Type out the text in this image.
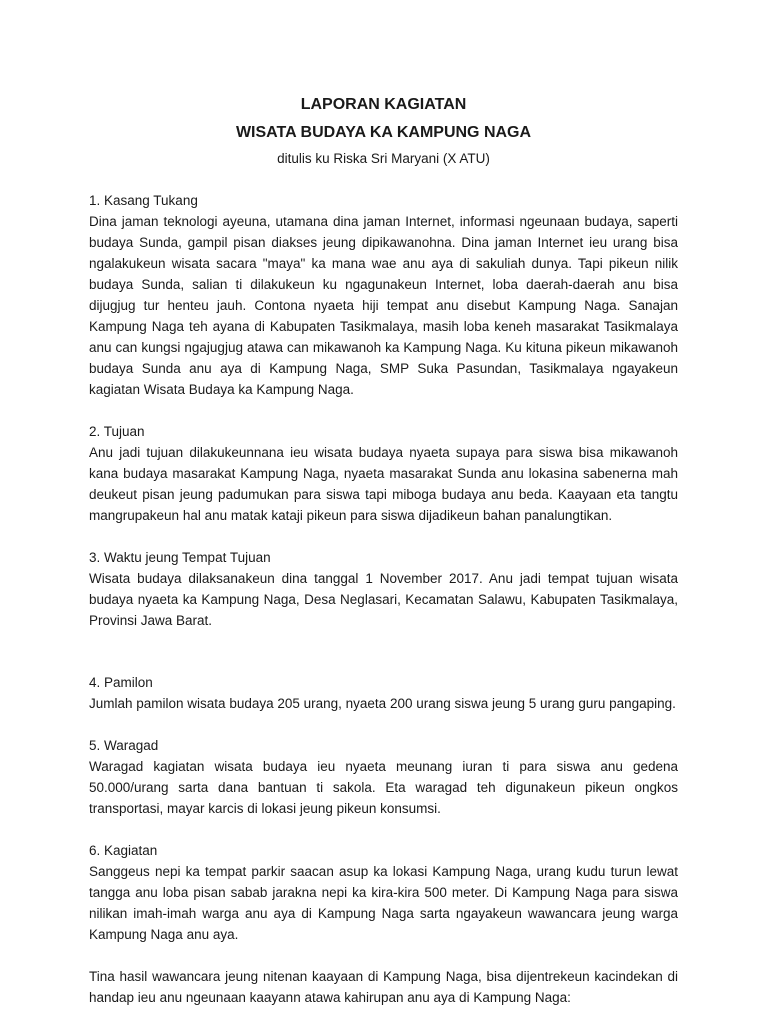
LAPORAN KAGIATAN
WISATA BUDAYA KA KAMPUNG NAGA
ditulis ku Riska Sri Maryani (X ATU)

1. Kasang Tukang

Dina jaman teknologi ayeuna, utamana dina jaman Internet, informasi ngeunaan budaya, saperti budaya Sunda, gampil pisan diakses jeung dipikawanohna. Dina jaman Internet ieu urang bisa ngalakukeun wisata sacara "maya" ka mana wae anu aya di sakuliah dunya. Tapi pikeun nilik budaya Sunda, salian ti dilakukeun ku ngagunakeun Internet, loba daerah-daerah anu bisa dijugjug tur henteu jauh. Contona nyaeta hiji tempat anu disebut Kampung Naga. Sanajan Kampung Naga teh ayana di Kabupaten Tasikmalaya, masih loba keneh masarakat Tasikmalaya anu can kungsi ngajugjug atawa can mikawanoh ka Kampung Naga. Ku kituna pikeun mikawanoh budaya Sunda anu aya di Kampung Naga, SMP Suka Pasundan, Tasikmalaya ngayakeun kagiatan Wisata Budaya ka Kampung Naga.

2. Tujuan

Anu jadi tujuan dilakukeunnana ieu wisata budaya nyaeta supaya para siswa bisa mikawanoh kana budaya masarakat Kampung Naga, nyaeta masarakat Sunda anu lokasina sabenerna mah deukeut pisan jeung padumukan para siswa tapi miboga budaya anu beda. Kaayaan eta tangtu mangrupakeun hal anu matak kataji pikeun para siswa dijadikeun bahan panalungtikan.

3. Waktu jeung Tempat Tujuan

Wisata budaya dilaksanakeun dina tanggal 1 November 2017. Anu jadi tempat tujuan wisata budaya nyaeta ka Kampung Naga, Desa Neglasari, Kecamatan Salawu, Kabupaten Tasikmalaya, Provinsi Jawa Barat.

4. Pamilon

Jumlah pamilon wisata budaya 205 urang, nyaeta 200 urang siswa jeung 5 urang guru pangaping.

5. Waragad

Waragad kagiatan wisata budaya ieu nyaeta meunang iuran ti para siswa anu gedena 50.000/urang sarta dana bantuan ti sakola. Eta waragad teh digunakeun pikeun ongkos transportasi, mayar karcis di lokasi jeung pikeun konsumsi.

6. Kagiatan

Sanggeus nepi ka tempat parkir saacan asup ka lokasi Kampung Naga, urang kudu turun lewat tangga anu loba pisan sabab jarakna nepi ka kira-kira 500 meter. Di Kampung Naga para siswa nilikan imah-imah warga anu aya di Kampung Naga sarta ngayakeun wawancara jeung warga Kampung Naga anu aya.

Tina hasil wawancara jeung nitenan kaayaan di Kampung Naga, bisa dijentrekeun kacindekan di handap ieu anu ngeunaan kaayann atawa kahirupan anu aya di Kampung Naga:
